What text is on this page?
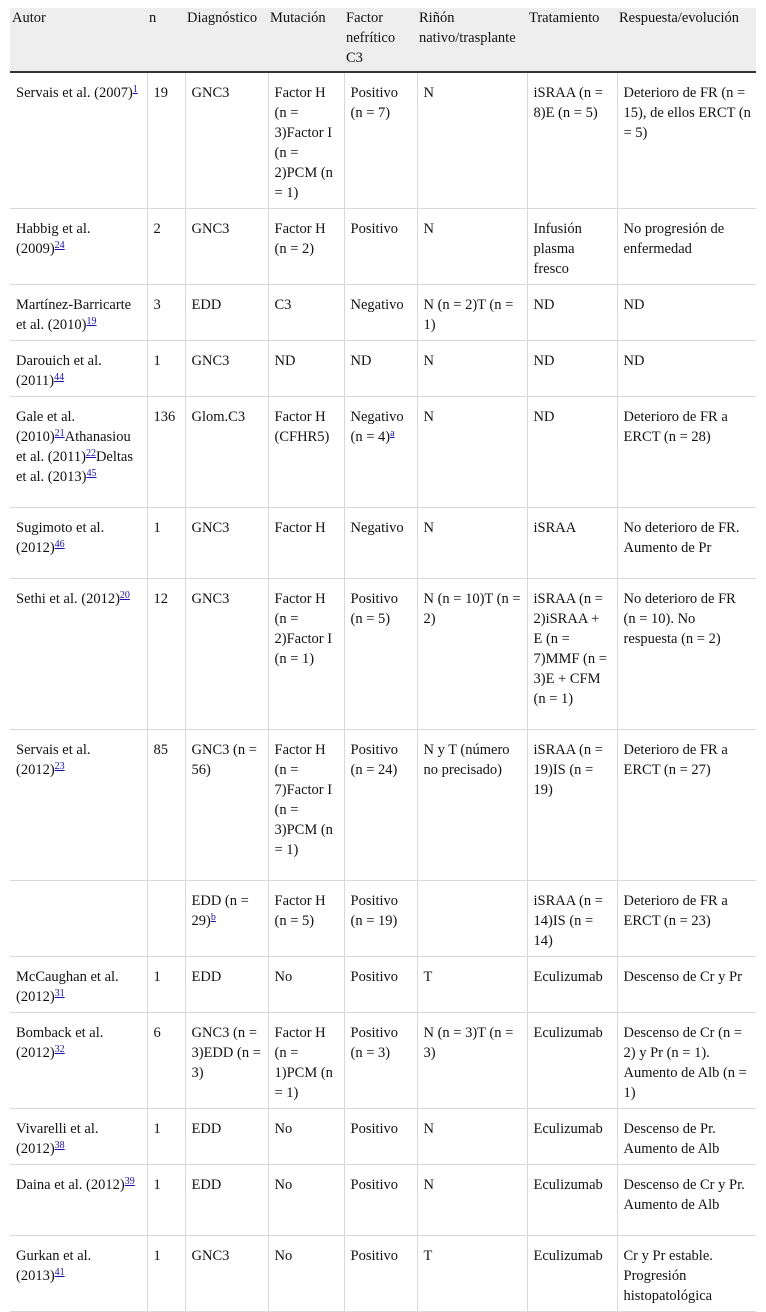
Autor	n	Diagnóstico	Mutación	Factor nefrítico C3	Riñón nativo/trasplante	Tratamiento	Respuesta/evolución
Servais et al. (2007)$^1$	19	GNC3	Factor H (n = 3)Factor I (n = 2)PCM (n = 1)	Positivo (n = 7)	N	iSRAA (n = 8)E (n = 5)	Deterioro de FR (n = 15), de ellos ERCT (n = 5)
Habbig et al. (2009)$^{24}$	2	GNC3	Factor H (n = 2)	Positivo	N	Infusión plasma fresco	No progresión de enfermedad
Martínez-Barricarte et al. (2010)$^{19}$	3	EDD	C3	Negativo	N (n = 2)T (n = 1)	ND	ND
Darouich et al. (2011)$^{44}$	1	GNC3	ND	ND	N	ND	ND
Gale et al. (2010)$^{21}$Athanasiou et al. (2011)$^{22}$Deltas et al. (2013)$^{45}$	136	Glom.C3	Factor H (CFHR5)	Negativo (n = 4)$^a$	N	ND	Deterioro de FR a ERCT (n = 28)
Sugimoto et al. (2012)$^{46}$	1	GNC3	Factor H	Negativo	N	iSRAA	No deterioro de FR. Aumento de Pr
Sethi et al. (2012)$^{20}$	12	GNC3	Factor H (n = 2)Factor I (n = 1)	Positivo (n = 5)	N (n = 10)T (n = 2)	iSRAA (n = 2)iSRAA + E (n = 7)MMF (n = 3)E + CFM (n = 1)	No deterioro de FR (n = 10). No respuesta (n = 2)
Servais et al. (2012)$^{23}$	85	GNC3 (n = 56)	Factor H (n = 7)Factor I (n = 3)PCM (n = 1)	Positivo (n = 24)	N y T (número no precisado)	iSRAA (n = 19)IS (n = 19)	Deterioro de FR a ERCT (n = 27)
		EDD (n = 29)$^b$	Factor H (n = 5)	Positivo (n = 19)		iSRAA (n = 14)IS (n = 14)	Deterioro de FR a ERCT (n = 23)
McCaughan et al. (2012)$^{31}$	1	EDD	No	Positivo	T	Eculizumab	Descenso de Cr y Pr
Bomback et al. (2012)$^{32}$	6	GNC3 (n = 3)EDD (n = 3)	Factor H (n = 1)PCM (n = 1)	Positivo (n = 3)	N (n = 3)T (n = 3)	Eculizumab	Descenso de Cr (n = 2) y Pr (n = 1). Aumento de Alb (n = 1)
Vivarelli et al. (2012)$^{38}$	1	EDD	No	Positivo	N	Eculizumab	Descenso de Pr. Aumento de Alb
Daina et al. (2012)$^{39}$	1	EDD	No	Positivo	N	Eculizumab	Descenso de Cr y Pr. Aumento de Alb
Gurkan et al. (2013)$^{41}$	1	GNC3	No	Positivo	T	Eculizumab	Cr y Pr estable. Progresión histopatológica
